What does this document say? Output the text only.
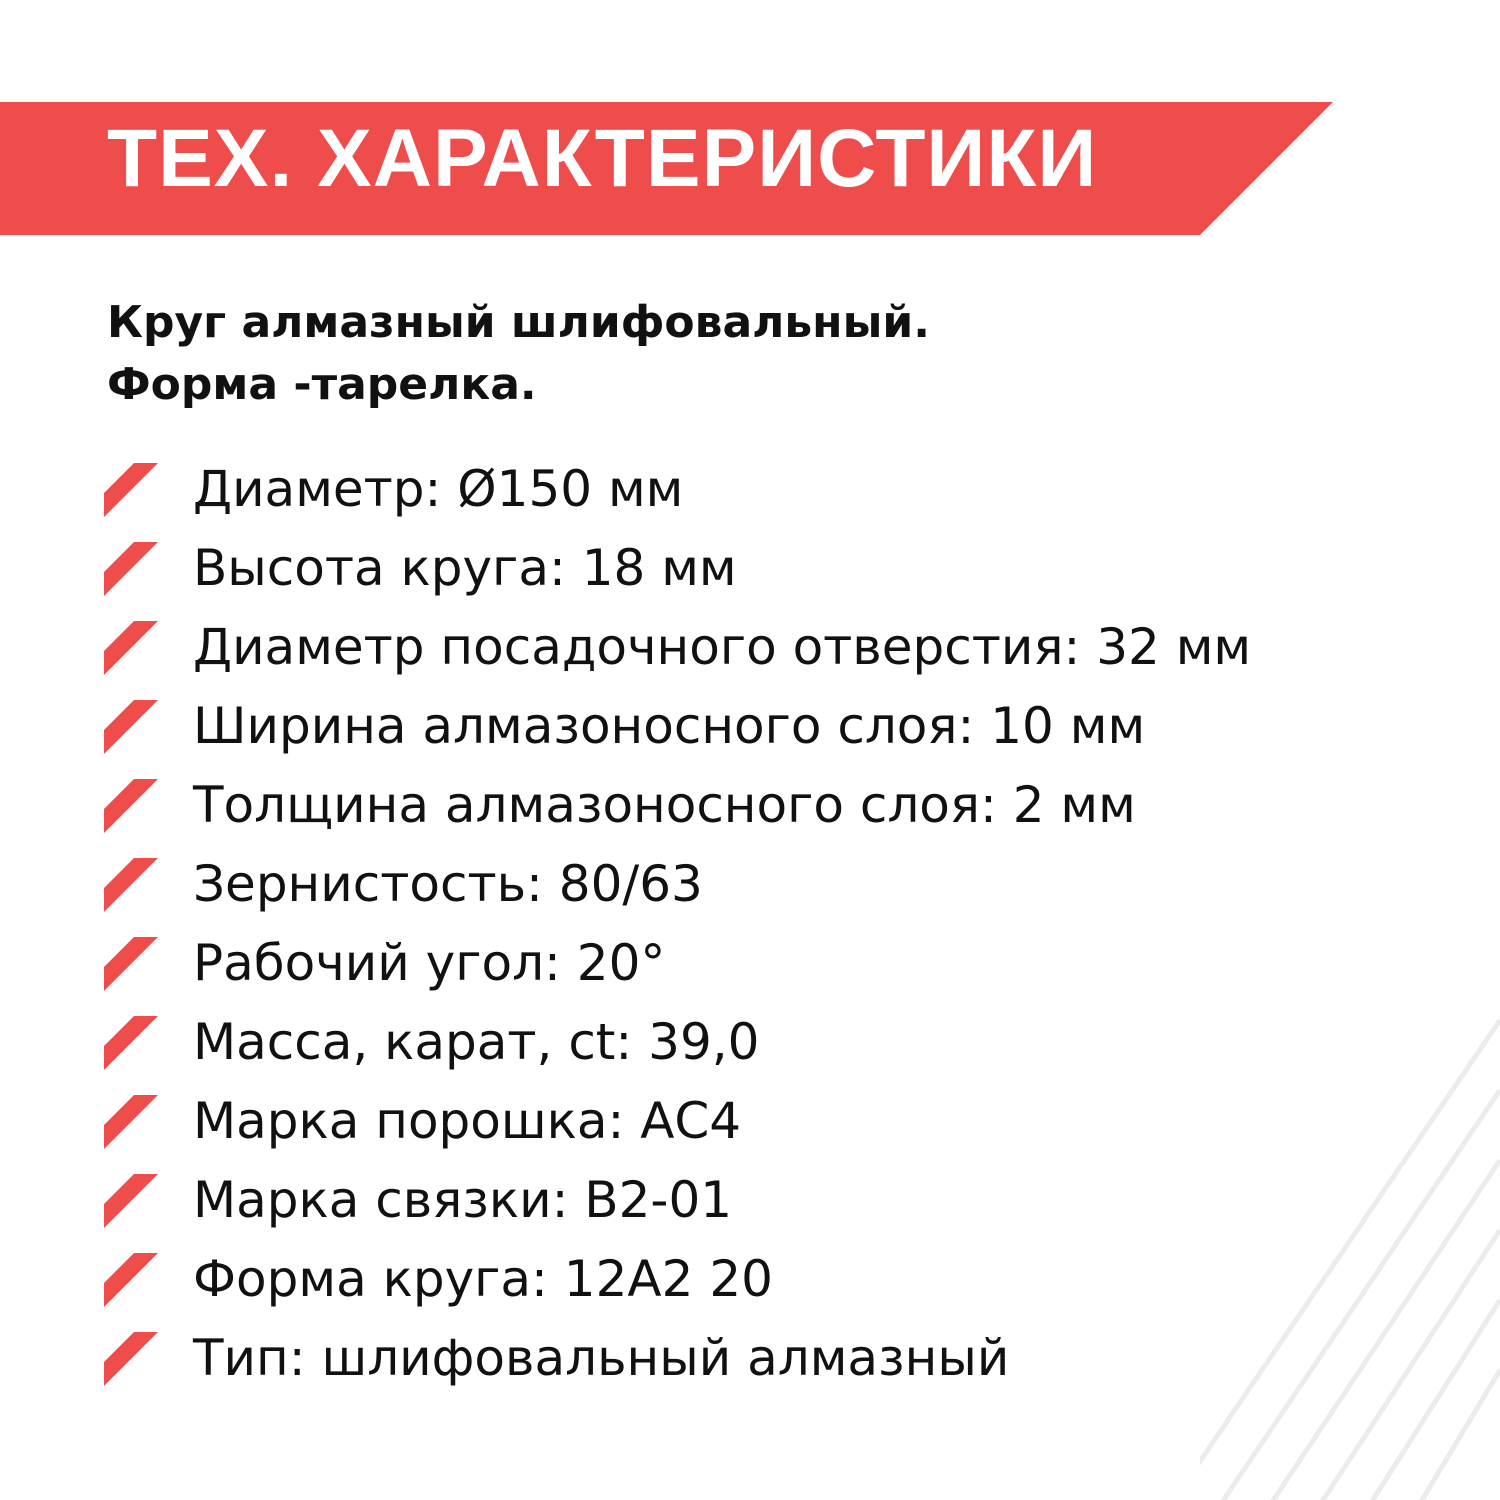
ТЕХ. ХАРАКТЕРИСТИКИ
Круг алмазный шлифовальный.
Форма -тарелка.
Диаметр: Ø150 мм
Высота круга: 18 мм
Диаметр посадочного отверстия: 32 мм
Ширина алмазоносного слоя: 10 мм
Толщина алмазоносного слоя: 2 мм
Зернистость: 80/63
Рабочий угол: 20°
Масса, карат, ct: 39,0
Марка порошка: АС4
Марка связки: В2-01
Форма круга: 12А2 20
Тип: шлифовальный алмазный
